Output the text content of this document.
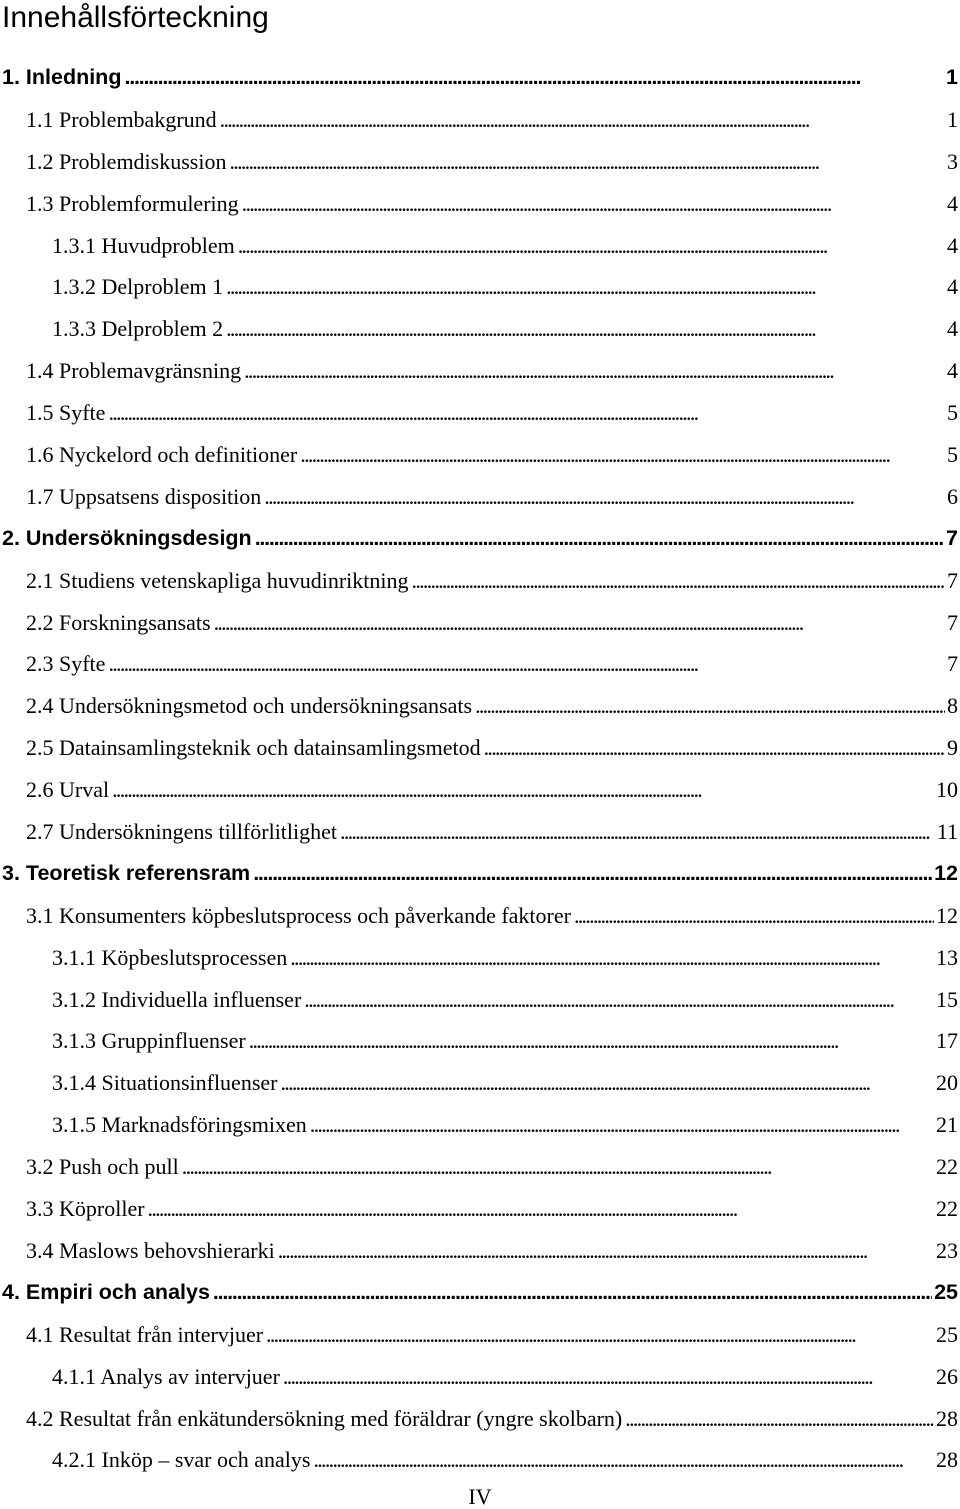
Innehållsförteckning
1. Inledning . . .	1
1.1 Problembakgrund . . .	1
1.2 Problemdiskussion . . .	3
1.3 Problemformulering . . .	4
1.3.1 Huvudproblem . . .	4
1.3.2 Delproblem 1 . . .	4
1.3.3 Delproblem 2 . . .	4
1.4 Problemavgränsning . . .	4
1.5 Syfte . . .	5
1.6 Nyckelord och definitioner . . .	5
1.7 Uppsatsens disposition . . .	6
2. Undersökningsdesign . . .	7
2.1 Studiens vetenskapliga huvudinriktning . . .	7
2.2 Forskningsansats . . .	7
2.3 Syfte . . .	7
2.4 Undersökningsmetod och undersökningsansats . . .	8
2.5 Datainsamlingsteknik och datainsamlingsmetod . . .	9
2.6 Urval . . .	10
2.7 Undersökningens tillförlitlighet . . .	11
3. Teoretisk referensram . . .	12
3.1 Konsumenters köpbeslutsprocess och påverkande faktorer . . .	12
3.1.1 Köpbeslutsprocessen . . .	13
3.1.2 Individuella influenser . . .	15
3.1.3 Gruppinfluenser . . .	17
3.1.4 Situationsinfluenser . . .	20
3.1.5 Marknadsföringsmixen . . .	21
3.2 Push och pull . . .	22
3.3 Köproller . . .	22
3.4 Maslows behovshierarki . . .	23
4. Empiri och analys . . .	25
4.1 Resultat från intervjuer . . .	25
4.1.1 Analys av intervjuer . . .	26
4.2 Resultat från enkätundersökning med föräldrar (yngre skolbarn) . . .	28
4.2.1 Inköp – svar och analys . . .	28
IV
